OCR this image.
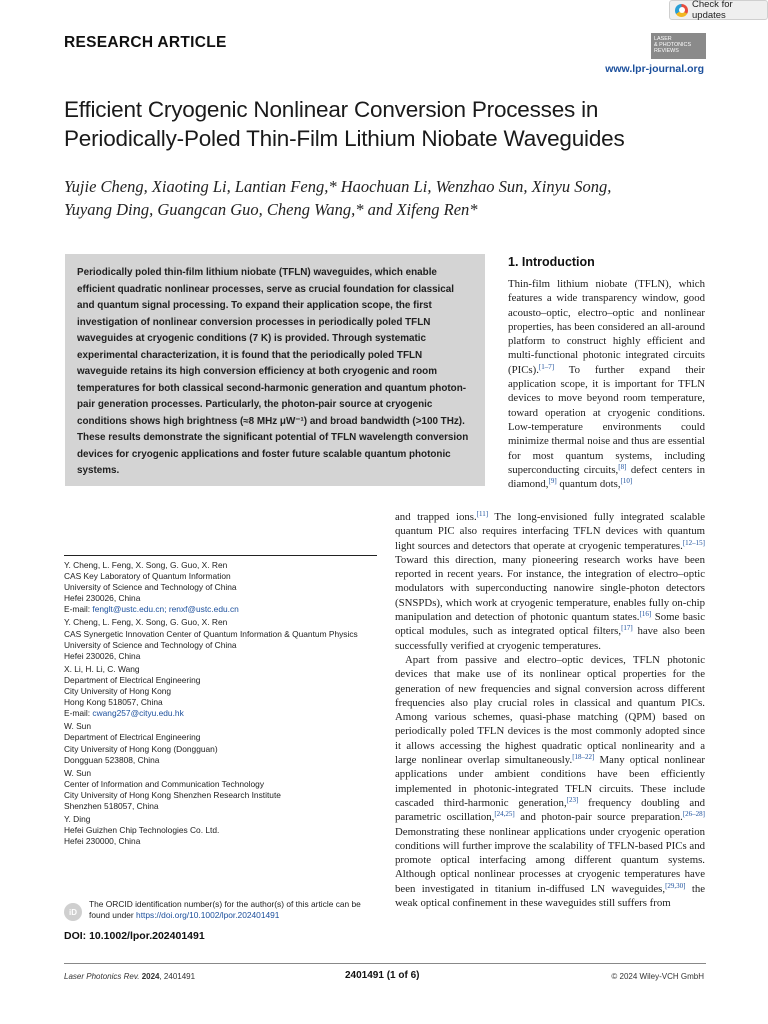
Check for updates
RESEARCH ARTICLE	LASER
& PHOTONICS
REVIEWS
www.lpr-journal.org
Efficient Cryogenic Nonlinear Conversion Processes in
Periodically-Poled Thin-Film Lithium Niobate Waveguides
Yujie Cheng, Xiaoting Li, Lantian Feng,* Haochuan Li, Wenzhao Sun, Xinyu Song,
Yuyang Ding, Guangcan Guo, Cheng Wang,* and Xifeng Ren*

Periodically poled thin-film lithium niobate (TFLN) waveguides, which enable efficient quadratic nonlinear processes, serve as crucial foundation for classical and quantum signal processing. To expand their application scope, the first investigation of nonlinear conversion processes in periodically poled TFLN waveguides at cryogenic conditions (7 K) is provided. Through systematic experimental characterization, it is found that the periodically poled TFLN waveguide retains its high conversion efficiency at both cryogenic and room temperatures for both classical second-harmonic generation and quantum photon-pair generation processes. Particularly, the photon-pair source at cryogenic conditions shows high brightness (≈8 MHz μW⁻¹) and broad bandwidth (>100 THz). These results demonstrate the significant potential of TFLN wavelength conversion devices for cryogenic applications and foster future scalable quantum photonic systems.

1. Introduction
Thin-film lithium niobate (TFLN), which features a wide transparency window, good acousto–optic, electro–optic and nonlinear properties, has been considered an all-around platform to construct highly efficient and multi-functional photonic integrated circuits (PICs).[1–7] To further expand their application scope, it is important for TFLN devices to move beyond room temperature, toward operation at cryogenic conditions. Low-temperature environments could minimize thermal noise and thus are essential for most quantum systems, including superconducting circuits,[8] defect centers in diamond,[9] quantum dots,[10]

and trapped ions.[11] The long-envisioned fully integrated scalable quantum PIC also requires interfacing TFLN devices with quantum light sources and detectors that operate at cryogenic temperatures.[12–15] Toward this direction, many pioneering research works have been reported in recent years. For instance, the integration of electro–optic modulators with superconducting nanowire single-photon detectors (SNSPDs), which work at cryogenic temperature, enables fully on-chip manipulation and detection of photonic quantum states.[16] Some basic optical modules, such as integrated optical filters,[17] have also been successfully verified at cryogenic temperatures.

Apart from passive and electro–optic devices, TFLN photonic devices that make use of its nonlinear optical properties for the generation of new frequencies and signal conversion across different frequencies also play crucial roles in classical and quantum PICs. Among various schemes, quasi-phase matching (QPM) based on periodically poled TFLN devices is the most commonly adopted since it allows accessing the highest quadratic optical nonlinearity and a large nonlinear overlap simultaneously.[18–22] Many optical nonlinear applications under ambient conditions have been efficiently implemented in photonic-integrated TFLN circuits. These include cascaded third-harmonic generation,[23] frequency doubling and parametric oscillation,[24,25] and photon-pair source preparation.[26–28] Demonstrating these nonlinear applications under cryogenic operation conditions will further improve the scalability of TFLN-based PICs and promote optical interfacing among different quantum systems. Although optical nonlinear processes at cryogenic temperatures have been investigated in titanium in-diffused LN waveguides,[29,30] the weak optical confinement in these waveguides still suffers from

Y. Cheng, L. Feng, X. Song, G. Guo, X. Ren
CAS Key Laboratory of Quantum Information
University of Science and Technology of China
Hefei 230026, China
E-mail: fenglt@ustc.edu.cn; renxf@ustc.edu.cn
Y. Cheng, L. Feng, X. Song, G. Guo, X. Ren
CAS Synergetic Innovation Center of Quantum Information & Quantum Physics
University of Science and Technology of China
Hefei 230026, China
X. Li, H. Li, C. Wang
Department of Electrical Engineering
City University of Hong Kong
Hong Kong 518057, China
E-mail: cwang257@cityu.edu.hk
W. Sun
Department of Electrical Engineering
City University of Hong Kong (Dongguan)
Dongguan 523808, China
W. Sun
Center of Information and Communication Technology
City University of Hong Kong Shenzhen Research Institute
Shenzhen 518057, China
Y. Ding
Hefei Guizhen Chip Technologies Co. Ltd.
Hefei 230000, China
iD

The ORCID identification number(s) for the author(s) of this article can be found under https://doi.org/10.1002/lpor.202401491

DOI: 10.1002/lpor.202401491
Laser Photonics Rev. 2024, 2401491	2401491 (1 of 6)	© 2024 Wiley-VCH GmbH
